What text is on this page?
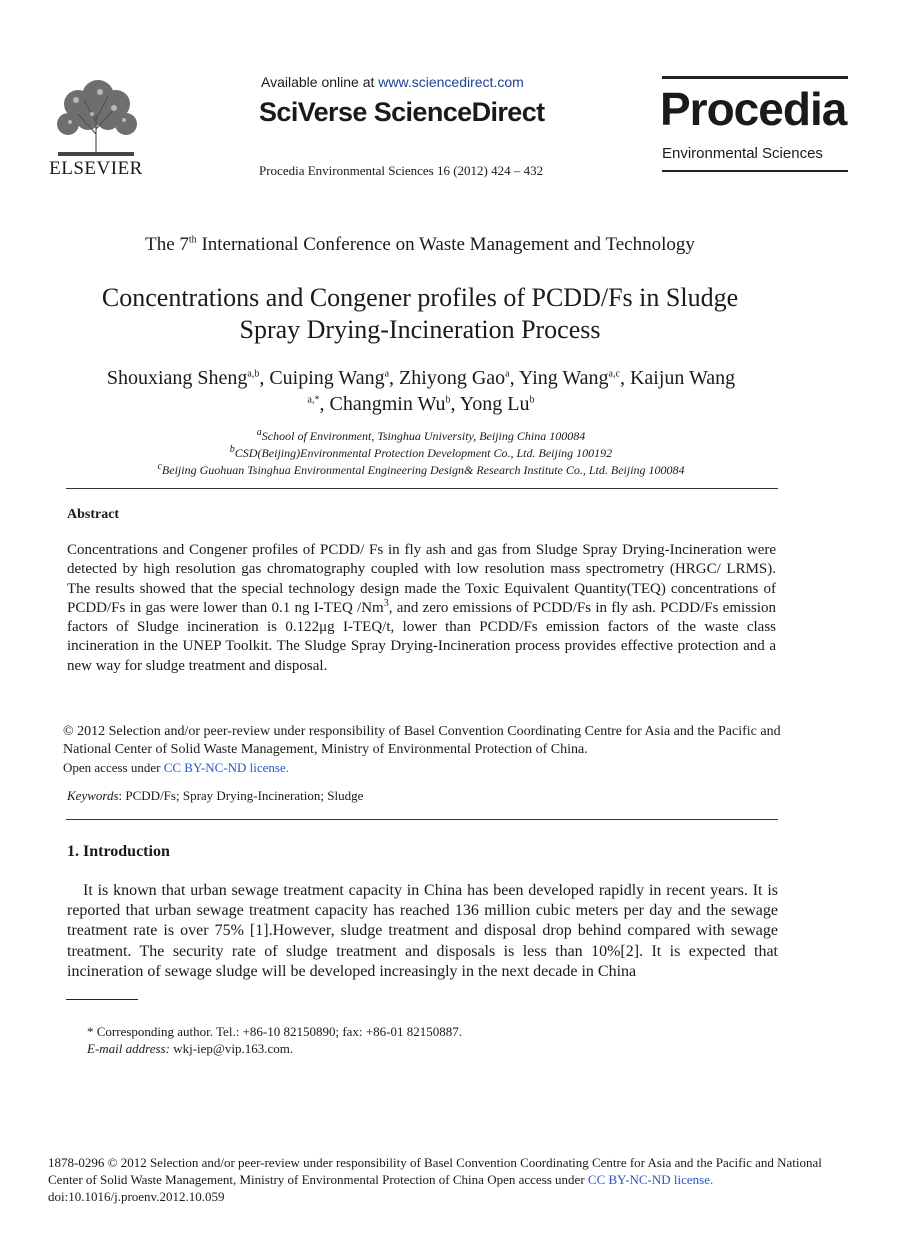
ELSEVIER
Available online at www.sciencedirect.com
SciVerse ScienceDirect
Procedia Environmental Sciences 16 (2012) 424 – 432
Procedia
Environmental Sciences
The 7th International Conference on Waste Management and Technology
Concentrations and Congener profiles of PCDD/Fs in Sludge
Spray Drying-Incineration Process
Shouxiang Sheng$^{a,b}$, Cuiping Wang$^a$, Zhiyong Gao$^a$, Ying Wang$^{a,c}$, Kaijun Wang
$^{a,*}$, Changmin Wu$^b$, Yong Lu$^b$
$^a$School of Environment, Tsinghua University, Beijing China 100084
$^b$CSD(Beijing)Environmental Protection Development Co., Ltd. Beijing 100192
$^c$Beijing Guohuan Tsinghua Environmental Engineering Design& Research Institute Co., Ltd. Beijing 100084
Abstract
Concentrations and Congener profiles of PCDD/ Fs in fly ash and gas from Sludge Spray Drying-Incineration were detected by high resolution gas chromatography coupled with low resolution mass spectrometry (HRGC/ LRMS). The results showed that the special technology design made the Toxic Equivalent Quantity(TEQ) concentrations of PCDD/Fs in gas were lower than 0.1 ng I-TEQ /Nm$^3$, and zero emissions of PCDD/Fs in fly ash. PCDD/Fs emission factors of Sludge incineration is 0.122μg I-TEQ/t, lower than PCDD/Fs emission factors of the waste class incineration in the UNEP Toolkit. The Sludge Spray Drying-Incineration process provides effective protection and a new way for sludge treatment and disposal.
© 2012 Selection and/or peer-review under responsibility of Basel Convention Coordinating Centre for Asia and the Pacific and National Center of Solid Waste Management, Ministry of Environmental Protection of China.
Open access under CC BY-NC-ND license.
Keywords: PCDD/Fs; Spray Drying-Incineration; Sludge
1. Introduction
It is known that urban sewage treatment capacity in China has been developed rapidly in recent years. It is reported that urban sewage treatment capacity has reached 136 million cubic meters per day and the sewage treatment rate is over 75% [1].However, sludge treatment and disposal drop behind compared with sewage treatment. The security rate of sludge treatment and disposals is less than 10%[2]. It is expected that incineration of sewage sludge will be developed increasingly in the next decade in China
* Corresponding author. Tel.: +86-10 82150890; fax: +86-01 82150887.
E-mail address: wkj-iep@vip.163.com.
1878-0296 © 2012 Selection and/or peer-review under responsibility of Basel Convention Coordinating Centre for Asia and the Pacific and National Center of Solid Waste Management, Ministry of Environmental Protection of China Open access under CC BY-NC-ND license.
doi:10.1016/j.proenv.2012.10.059
